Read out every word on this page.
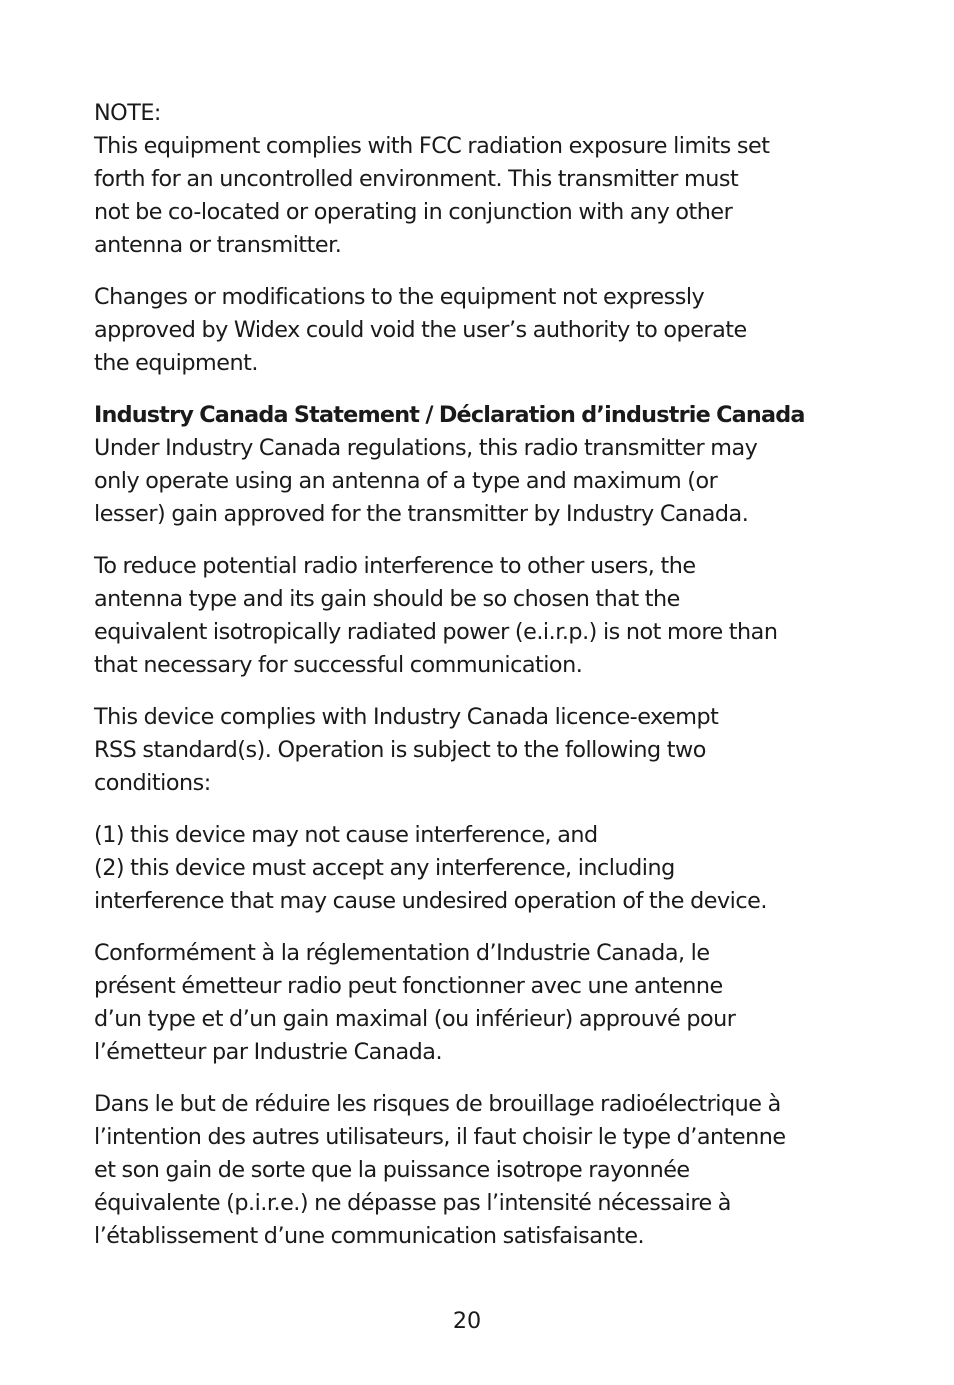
NOTE:
This equipment complies with FCC radiation exposure limits set
forth for an uncontrolled environment. This transmitter must
not be co-located or operating in conjunction with any other
antenna or transmitter.

Changes or modifications to the equipment not expressly
approved by Widex could void the user’s authority to operate
the equipment.

Industry Canada Statement / Déclaration d’industrie Canada
Under Industry Canada regulations, this radio transmitter may
only operate using an antenna of a type and maximum (or
lesser) gain approved for the transmitter by Industry Canada.

To reduce potential radio interference to other users, the
antenna type and its gain should be so chosen that the
equivalent isotropically radiated power (e.i.r.p.) is not more than
that necessary for successful communication.

This device complies with Industry Canada licence-exempt
RSS standard(s). Operation is subject to the following two
conditions:

(1) this device may not cause interference, and
(2) this device must accept any interference, including
interference that may cause undesired operation of the device.

Conformément à la réglementation d’Industrie Canada, le
présent émetteur radio peut fonctionner avec une antenne
d’un type et d’un gain maximal (ou inférieur) approuvé pour
l’émetteur par Industrie Canada.

Dans le but de réduire les risques de brouillage radioélectrique à
l’intention des autres utilisateurs, il faut choisir le type d’antenne
et son gain de sorte que la puissance isotrope rayonnée
équivalente (p.i.r.e.) ne dépasse pas l’intensité nécessaire à
l’établissement d’une communication satisfaisante.

20
